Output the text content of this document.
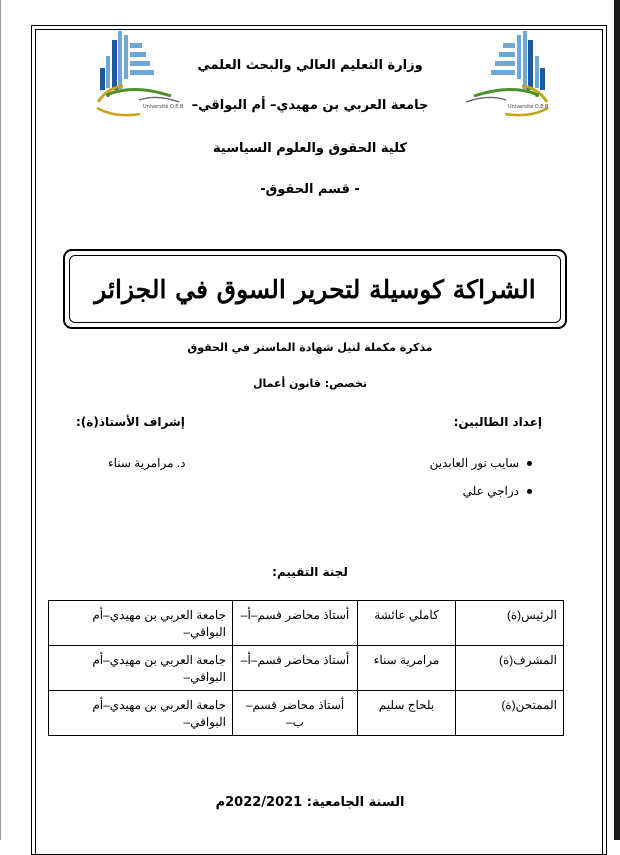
Université O.E.B	Université O.E.B
وزارة التعليم العالي والبحث العلمي
جامعة العربي بن مهيدي– أم البواقي–
كلية الحقوق والعلوم السياسية
- قسم الحقوق-
الشراكة كوسيلة لتحرير السوق في الجزائر
مذكرة مكملة لنيل شهادة الماستر في الحقوق
تخصص: قانون أعمال
إعداد الطالبين:
إشراف الأستاذ(ة):
سايب نور العابدين
دراجي علي
د. مرامرية سناء
لجنة التقييم:
الرئيس(ة)	كاملي عائشة	أستاذ محاضر قسم–أ–	جامعة العربي بن مهيدي–أم البواقي–
المشرف(ة)	مرامرية سناء	أستاذ محاضر قسم–أ–	جامعة العربي بن مهيدي–أم البواقي–
الممتحن(ة)	بلحاج سليم	أستاذ محاضر قسم–ب–	جامعة العربي بن مهيدي–أم البواقي–
السنة الجامعية: 2022/2021م
